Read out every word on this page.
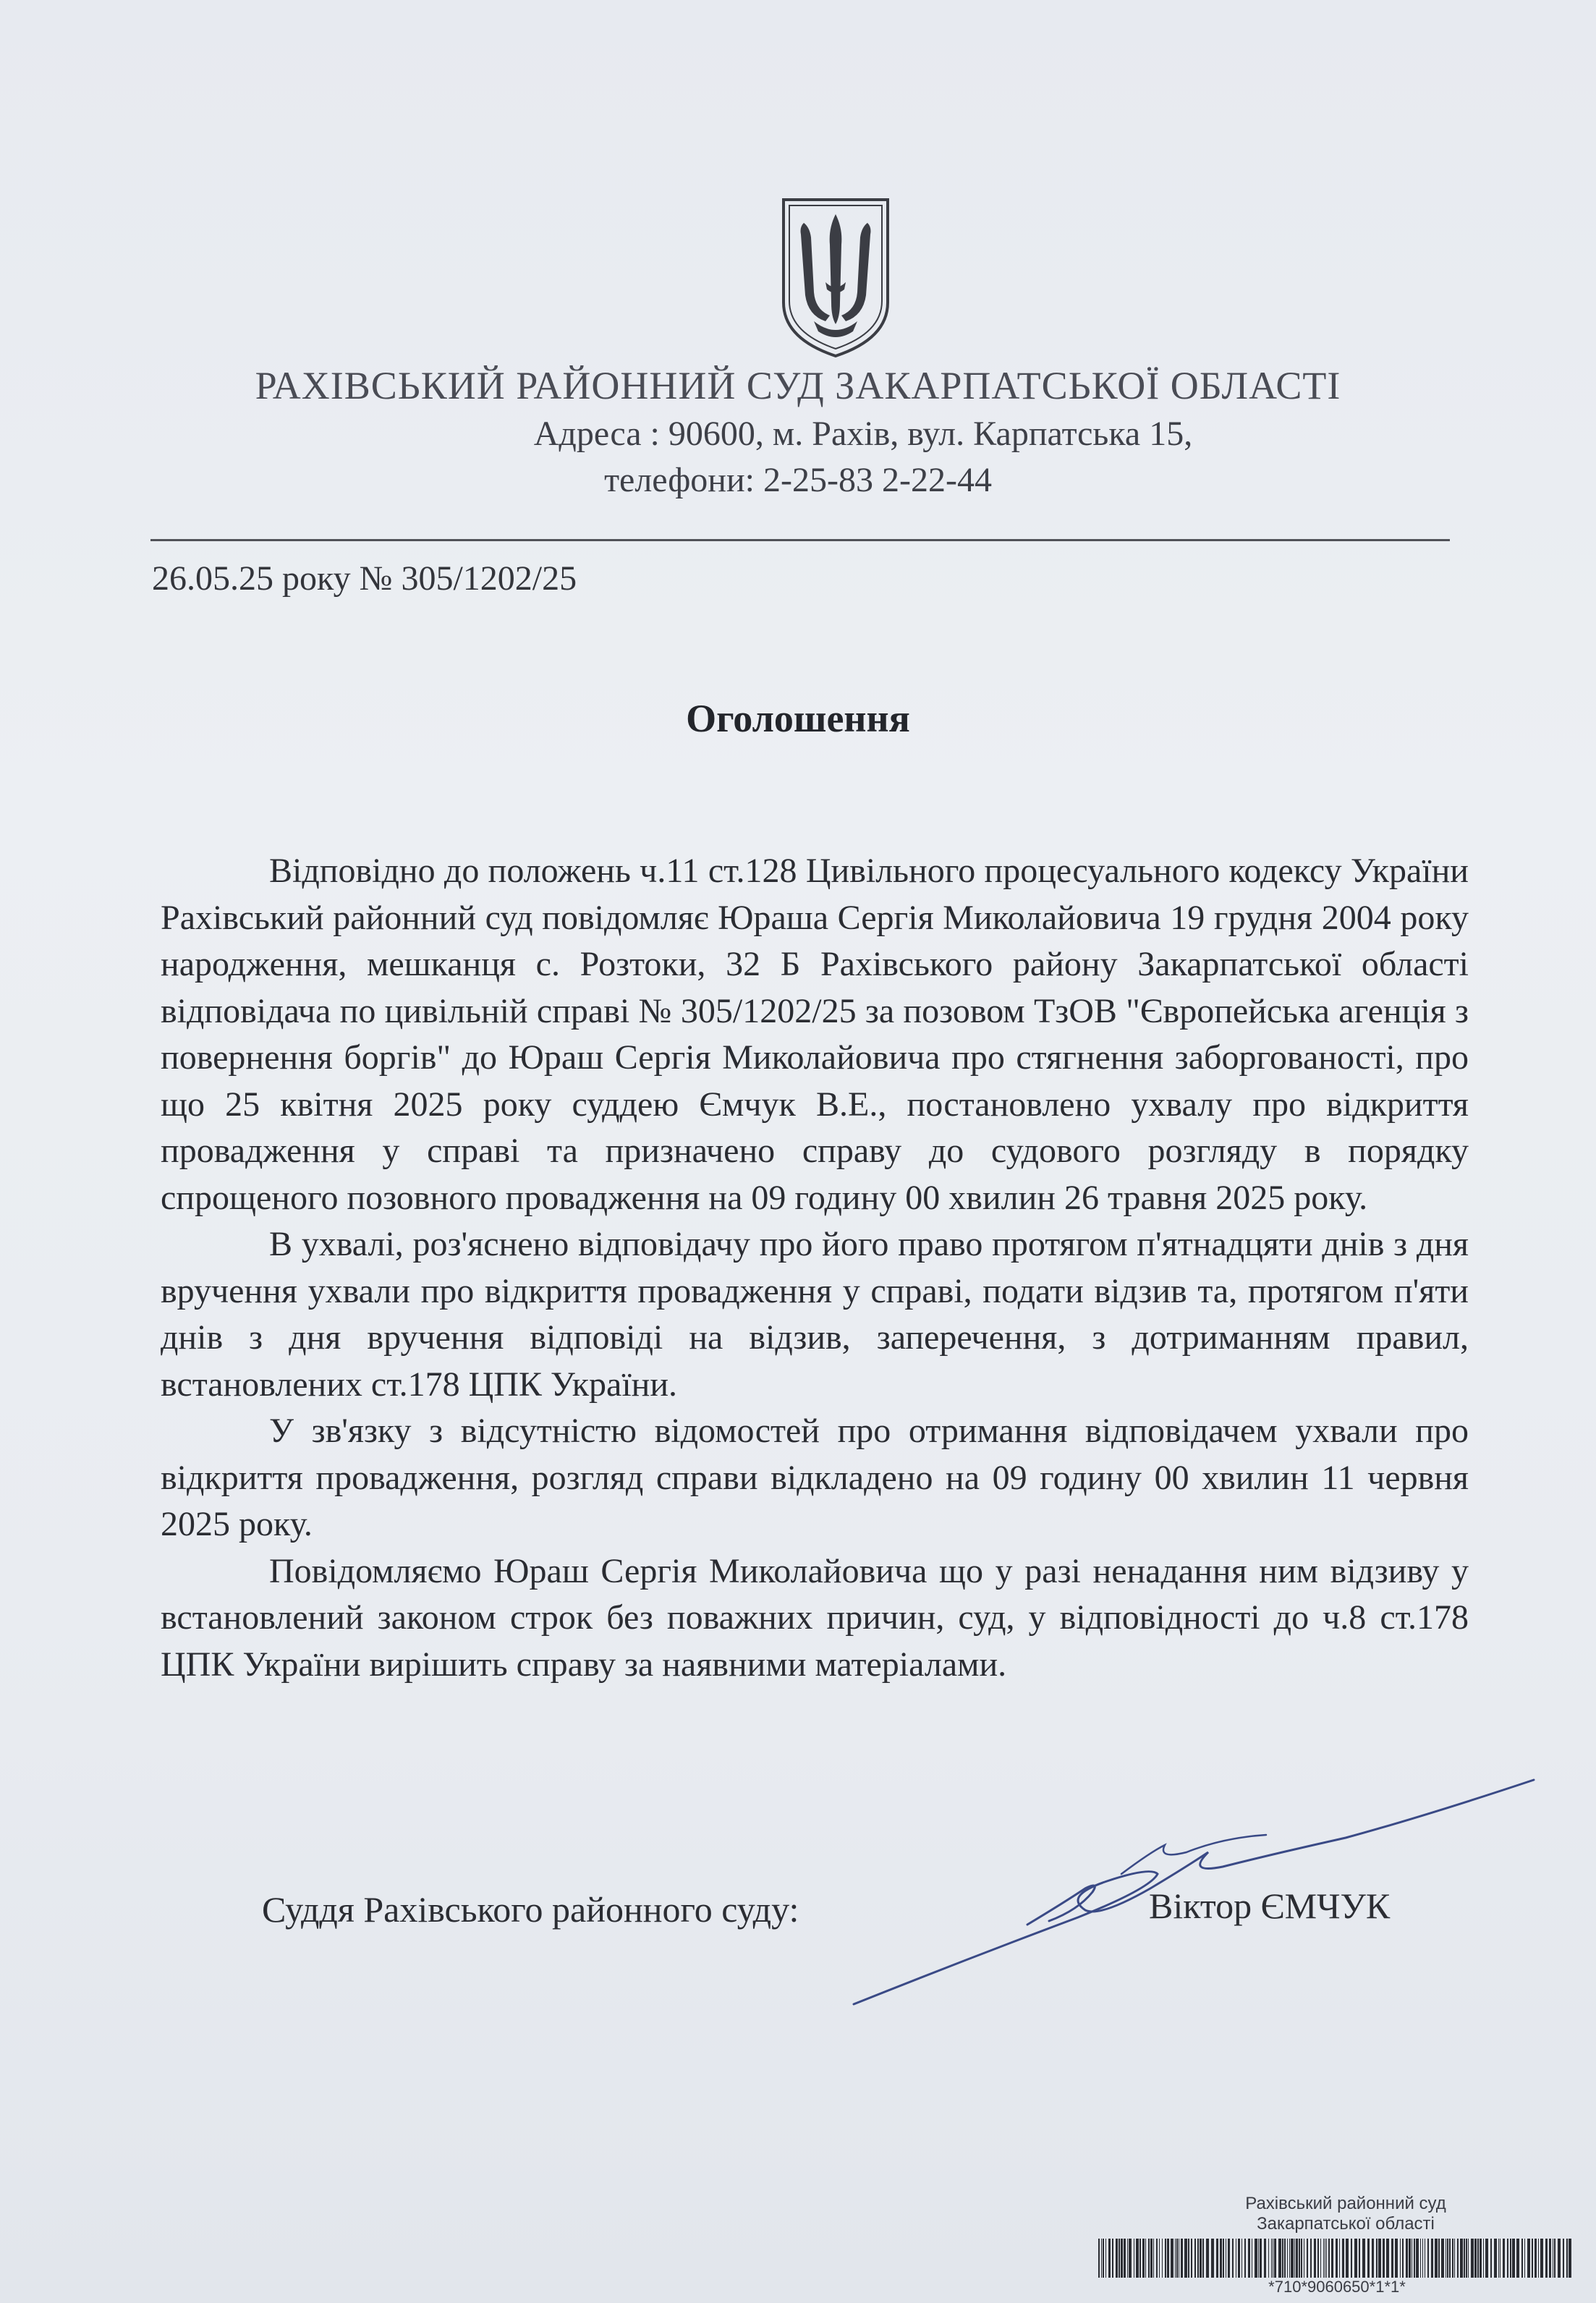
РАХІВСЬКИЙ РАЙОННИЙ СУД ЗАКАРПАТСЬКОЇ ОБЛАСТІ
Адреса : 90600, м. Рахів, вул. Карпатська 15,
телефони: 2-25-83 2-22-44
26.05.25 року № 305/1202/25
Оголошення

Відповідно до положень ч.11 ст.128 Цивільного процесуального кодексу України Рахівський районний суд повідомляє Юраша Сергія Миколайовича 19 грудня 2004 року народження, мешканця с. Розтоки, 32 Б Рахівського району Закарпатської області відповідача по цивільній справі № 305/1202/25 за позовом ТзОВ "Європейська агенція з повернення боргів" до Юраш Сергія Миколайовича про стягнення заборгованості, про що 25 квітня 2025 року суддею Ємчук В.Е., постановлено ухвалу про відкриття провадження у справі та призначено справу до судового розгляду в порядку спрощеного позовного провадження на 09 годину 00 хвилин 26 травня 2025 року.

В ухвалі, роз'яснено відповідачу про його право протягом п'ятнадцяти днів з дня вручення ухвали про відкриття провадження у справі, подати відзив та, протягом п'яти днів з дня вручення відповіді на відзив, заперечення, з дотриманням правил, встановлених ст.178 ЦПК України.

У зв'язку з відсутністю відомостей про отримання відповідачем ухвали про відкриття провадження, розгляд справи відкладено на 09 годину 00 хвилин 11 червня 2025 року.

Повідомляємо Юраш Сергія Миколайовича що у разі ненадання ним відзиву у встановлений законом строк без поважних причин, суд, у відповідності до ч.8 ст.178 ЦПК України вирішить справу за наявними матеріалами.

Суддя Рахівського районного суду:	Віктор ЄМЧУК
Рахівський районний суд
Закарпатської області
*710*9060650*1*1*
